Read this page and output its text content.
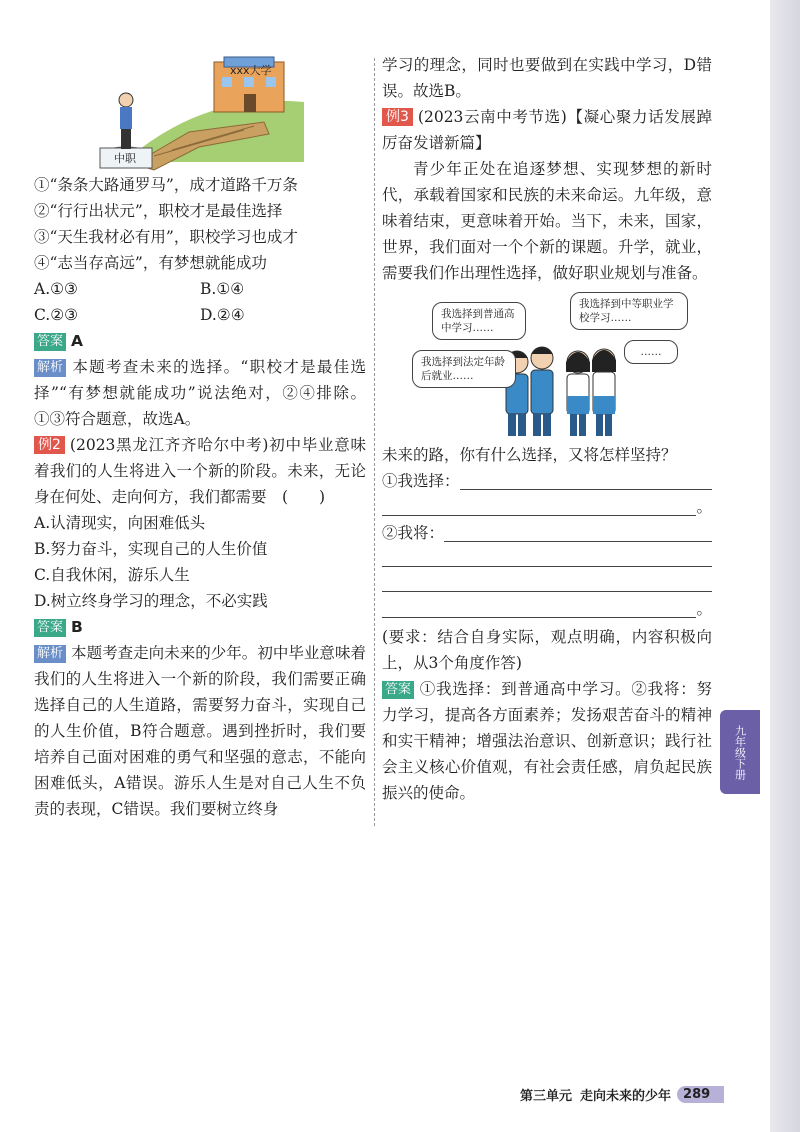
xxx大学
中职
①“条条大路通罗马”，成才道路千万条
②“行行出状元”，职校才是最佳选择
③“天生我材必有用”，职校学习也成才
④“志当存高远”，有梦想就能成功
A.①③	B.①④
C.②③	D.②④
答案 A
解析 本题考查未来的选择。“职校才是最佳选择”“有梦想就能成功”说法绝对，②④排除。①③符合题意，故选A。
例2 (2023黑龙江齐齐哈尔中考)初中毕业意味着我们的人生将进入一个新的阶段。未来，无论身在何处、走向何方，我们都需要　(　　)
A.认清现实，向困难低头
B.努力奋斗，实现自己的人生价值
C.自我休闲，游乐人生
D.树立终身学习的理念，不必实践
答案 B
解析 本题考查走向未来的少年。初中毕业意味着我们的人生将进入一个新的阶段，我们需要正确选择自己的人生道路，需要努力奋斗，实现自己的人生价值，B符合题意。遇到挫折时，我们要培养自己面对困难的勇气和坚强的意志，不能向困难低头，A错误。游乐人生是对自己人生不负责的表现，C错误。我们要树立终身
学习的理念，同时也要做到在实践中学习，D错误。故选B。
例3 (2023云南中考节选)【凝心聚力话发展踔厉奋发谱新篇】
青少年正处在追逐梦想、实现梦想的新时代，承载着国家和民族的未来命运。九年级，意味着结束，更意味着开始。当下，未来，国家，世界，我们面对一个个新的课题。升学，就业，需要我们作出理性选择，做好职业规划与准备。
我选择到普通高中学习……
我选择到中等职业学校学习……
我选择到法定年龄后就业……
……
未来的路，你有什么选择，又将怎样坚持？
①我选择：
。
②我将：
。
(要求：结合自身实际，观点明确，内容积极向上，从3个角度作答)
答案 ①我选择：到普通高中学习。②我将：努力学习，提高各方面素养；发扬艰苦奋斗的精神和实干精神；增强法治意识、创新意识；践行社会主义核心价值观，有社会责任感，肩负起民族振兴的使命。
九年级下册
第三单元 走向未来的少年 289
